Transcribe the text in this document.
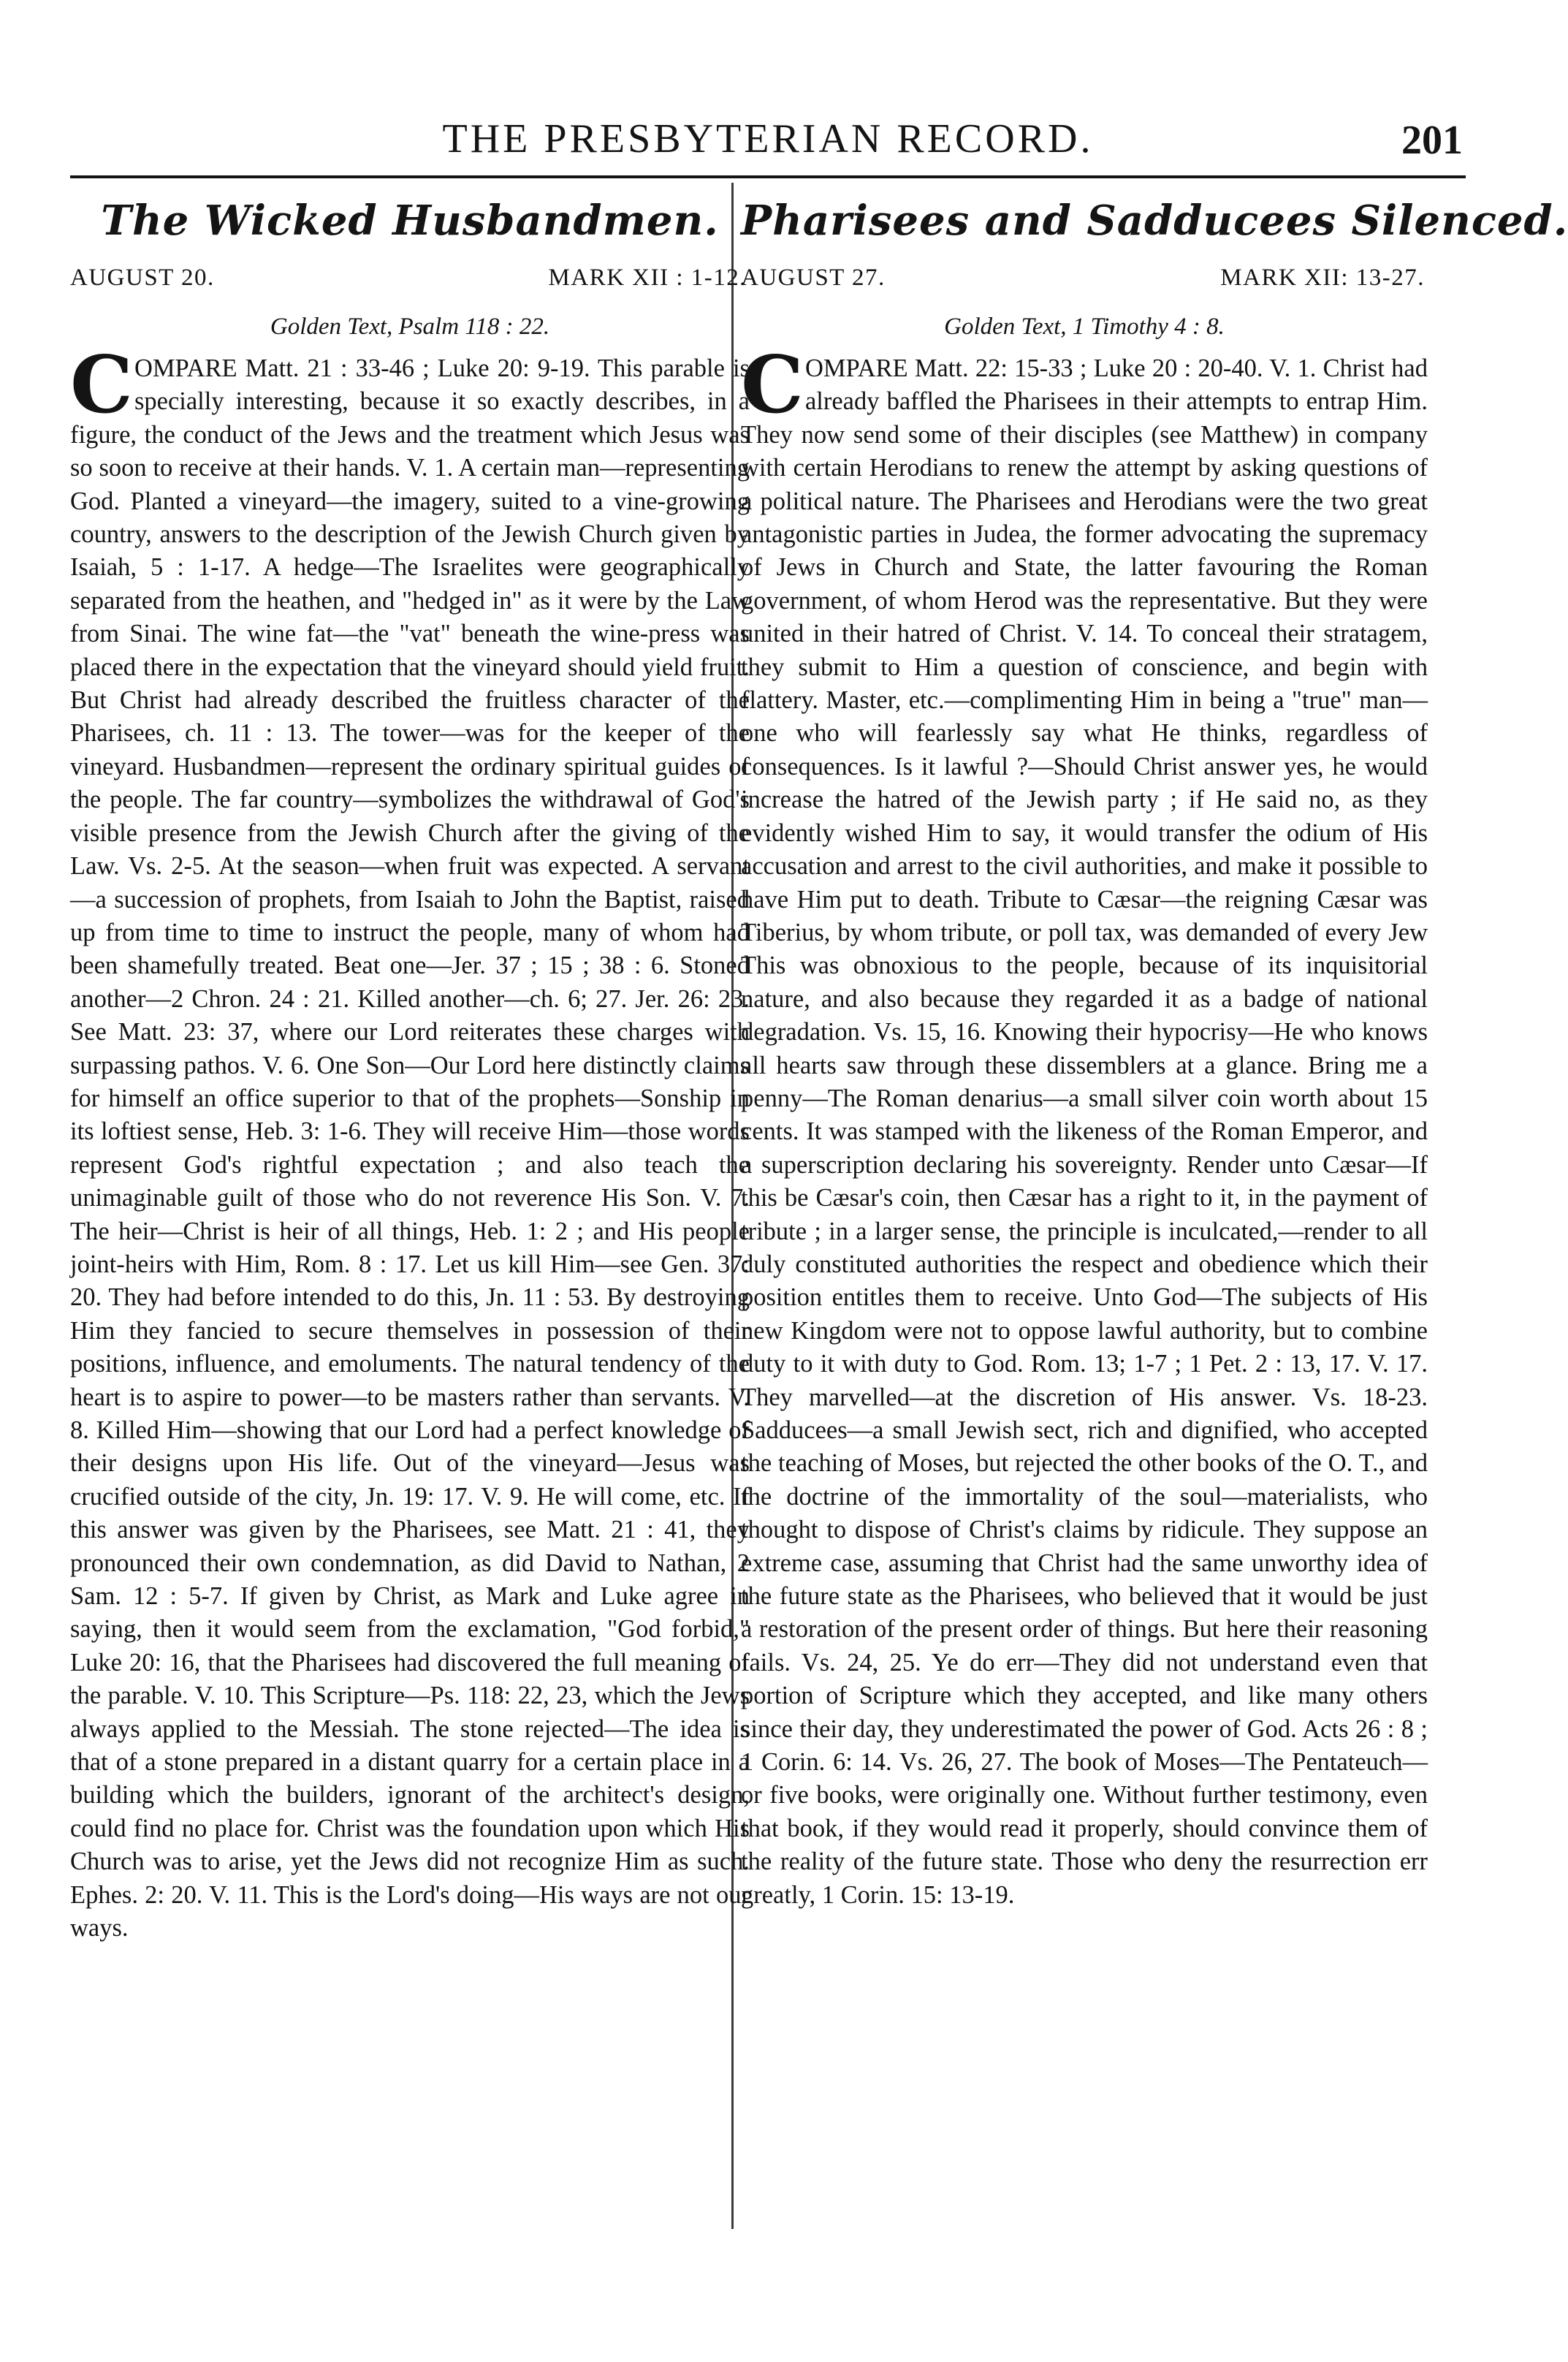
THE PRESBYTERIAN RECORD.	201
The Wicked Husbandmen.
AUGUST 20.	MARK XII : 1-12.
Golden Text, Psalm 118 : 22.
C OMPARE Matt. 21 : 33-46 ; Luke 20: 9-19. This parable is specially interesting, because it so exactly describes, in a figure, the conduct of the Jews and the treatment which Jesus was so soon to receive at their hands. V. 1. A certain man—representing God. Planted a vineyard—the imagery, suited to a vine-growing country, answers to the description of the Jewish Church given by Isaiah, 5 : 1-17. A hedge—The Israelites were geographically separated from the heathen, and "hedged in" as it were by the Law from Sinai. The wine fat—the "vat" beneath the wine-press was placed there in the expectation that the vineyard should yield fruit. But Christ had already described the fruitless character of the Pharisees, ch. 11 : 13. The tower—was for the keeper of the vineyard. Husbandmen—represent the ordinary spiritual guides of the people. The far country—symbolizes the withdrawal of God's visible presence from the Jewish Church after the giving of the Law. Vs. 2-5. At the season—when fruit was expected. A servant—a succession of prophets, from Isaiah to John the Baptist, raised up from time to time to instruct the people, many of whom had been shamefully treated. Beat one—Jer. 37 ; 15 ; 38 : 6. Stoned another—2 Chron. 24 : 21. Killed another—ch. 6; 27. Jer. 26: 23. See Matt. 23: 37, where our Lord reiterates these charges with surpassing pathos. V. 6. One Son—Our Lord here distinctly claims for himself an office superior to that of the prophets—Sonship in its loftiest sense, Heb. 3: 1-6. They will receive Him—those words represent God's rightful expectation ; and also teach the unimaginable guilt of those who do not reverence His Son. V. 7. The heir—Christ is heir of all things, Heb. 1: 2 ; and His people joint-heirs with Him, Rom. 8 : 17. Let us kill Him—see Gen. 37: 20. They had before intended to do this, Jn. 11 : 53. By destroying Him they fancied to secure themselves in possession of their positions, influence, and emoluments. The natural tendency of the heart is to aspire to power—to be masters rather than servants. V. 8. Killed Him—showing that our Lord had a perfect knowledge of their designs upon His life. Out of the vineyard—Jesus was crucified outside of the city, Jn. 19: 17. V. 9. He will come, etc. If this answer was given by the Pharisees, see Matt. 21 : 41, they pronounced their own condemnation, as did David to Nathan, 2 Sam. 12 : 5-7. If given by Christ, as Mark and Luke agree in saying, then it would seem from the exclamation, "God forbid," Luke 20: 16, that the Pharisees had discovered the full meaning of the parable. V. 10. This Scripture—Ps. 118: 22, 23, which the Jews always applied to the Messiah. The stone rejected—The idea is that of a stone prepared in a distant quarry for a certain place in a building which the builders, ignorant of the architect's design, could find no place for. Christ was the foundation upon which His Church was to arise, yet the Jews did not recognize Him as such. Ephes. 2: 20. V. 11. This is the Lord's doing—His ways are not our ways.
Pharisees and Sadducees Silenced.
AUGUST 27.	MARK XII: 13-27.
Golden Text, 1 Timothy 4 : 8.
C OMPARE Matt. 22: 15-33 ; Luke 20 : 20-40. V. 1. Christ had already baffled the Pharisees in their attempts to entrap Him. They now send some of their disciples (see Matthew) in company with certain Herodians to renew the attempt by asking questions of a political nature. The Pharisees and Herodians were the two great antagonistic parties in Judea, the former advocating the supremacy of Jews in Church and State, the latter favouring the Roman government, of whom Herod was the representative. But they were united in their hatred of Christ. V. 14. To conceal their stratagem, they submit to Him a question of conscience, and begin with flattery. Master, etc.—complimenting Him in being a "true" man—one who will fearlessly say what He thinks, regardless of consequences. Is it lawful ?—Should Christ answer yes, he would increase the hatred of the Jewish party ; if He said no, as they evidently wished Him to say, it would transfer the odium of His accusation and arrest to the civil authorities, and make it possible to have Him put to death. Tribute to Cæsar—the reigning Cæsar was Tiberius, by whom tribute, or poll tax, was demanded of every Jew This was obnoxious to the people, because of its inquisitorial nature, and also because they regarded it as a badge of national degradation. Vs. 15, 16. Knowing their hypocrisy—He who knows all hearts saw through these dissemblers at a glance. Bring me a penny—The Roman denarius—a small silver coin worth about 15 cents. It was stamped with the likeness of the Roman Emperor, and a superscription declaring his sovereignty. Render unto Cæsar—If this be Cæsar's coin, then Cæsar has a right to it, in the payment of tribute ; in a larger sense, the principle is inculcated,—render to all duly constituted authorities the respect and obedience which their position entitles them to receive. Unto God—The subjects of His new Kingdom were not to oppose lawful authority, but to combine duty to it with duty to God. Rom. 13; 1-7 ; 1 Pet. 2 : 13, 17. V. 17. They marvelled—at the discretion of His answer. Vs. 18-23. Sadducees—a small Jewish sect, rich and dignified, who accepted the teaching of Moses, but rejected the other books of the O. T., and the doctrine of the immortality of the soul—materialists, who thought to dispose of Christ's claims by ridicule. They suppose an extreme case, assuming that Christ had the same unworthy idea of the future state as the Pharisees, who believed that it would be just a restoration of the present order of things. But here their reasoning fails. Vs. 24, 25. Ye do err—They did not understand even that portion of Scripture which they accepted, and like many others since their day, they underestimated the power of God. Acts 26 : 8 ; 1 Corin. 6: 14. Vs. 26, 27. The book of Moses—The Pentateuch—or five books, were originally one. Without further testimony, even that book, if they would read it properly, should convince them of the reality of the future state. Those who deny the resurrection err greatly, 1 Corin. 15: 13-19.
